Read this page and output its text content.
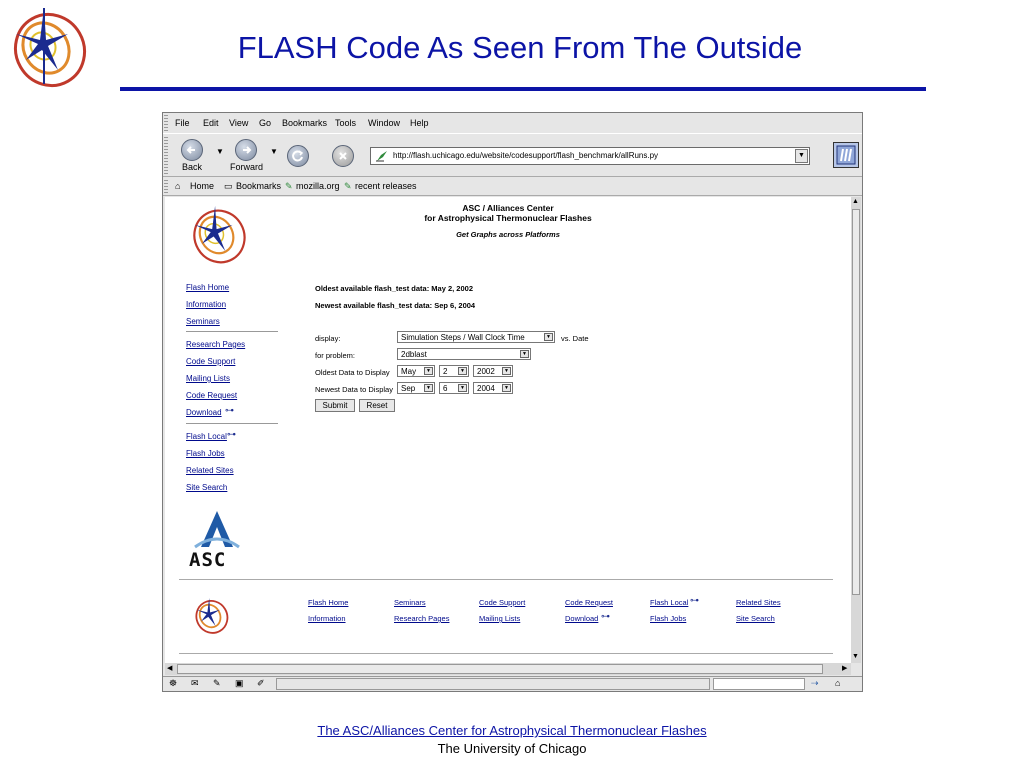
FLASH Code As Seen From The Outside
File Edit View Go Bookmarks Tools Window Help
Back
▼
Forward
▼	http://flash.uchicago.edu/website/codesupport/flash_benchmark/allRuns.py	▼
⌂ Home ▭ Bookmarks ✎ mozilla.org ✎ recent releases
ASC / Alliances Center
for Astrophysical Thermonuclear Flashes
Get Graphs across Platforms
Flash Home
Information
Seminars
Research Pages
Code Support
Mailing Lists
Code Request
Download ⊶
Flash Local ⊶
Flash Jobs
Related Sites
Site Search
ASC
Oldest available flash_test data: May 2, 2002
Newest available flash_test data: Sep 6, 2004
display:	Simulation Steps / Wall Clock Time	▼ vs. Date
for problem:	2dblast	▼
Oldest Data to Display May	▼ 2	▼ 2002	▼
Newest Data to Display Sep	▼ 6	▼ 2004	▼
Submit	Reset
Flash Home	Seminars	Code Support	Code Request	Flash Local ⊶	Related Sites
Information	Research Pages	Mailing Lists	Download ⊶	Flash Jobs	Site Search
▲
▼
◀	▶
☸ ✉ ✎ ▣ ✐	⇢ ⌂
The ASC/Alliances Center for Astrophysical Thermonuclear Flashes
The University of Chicago
